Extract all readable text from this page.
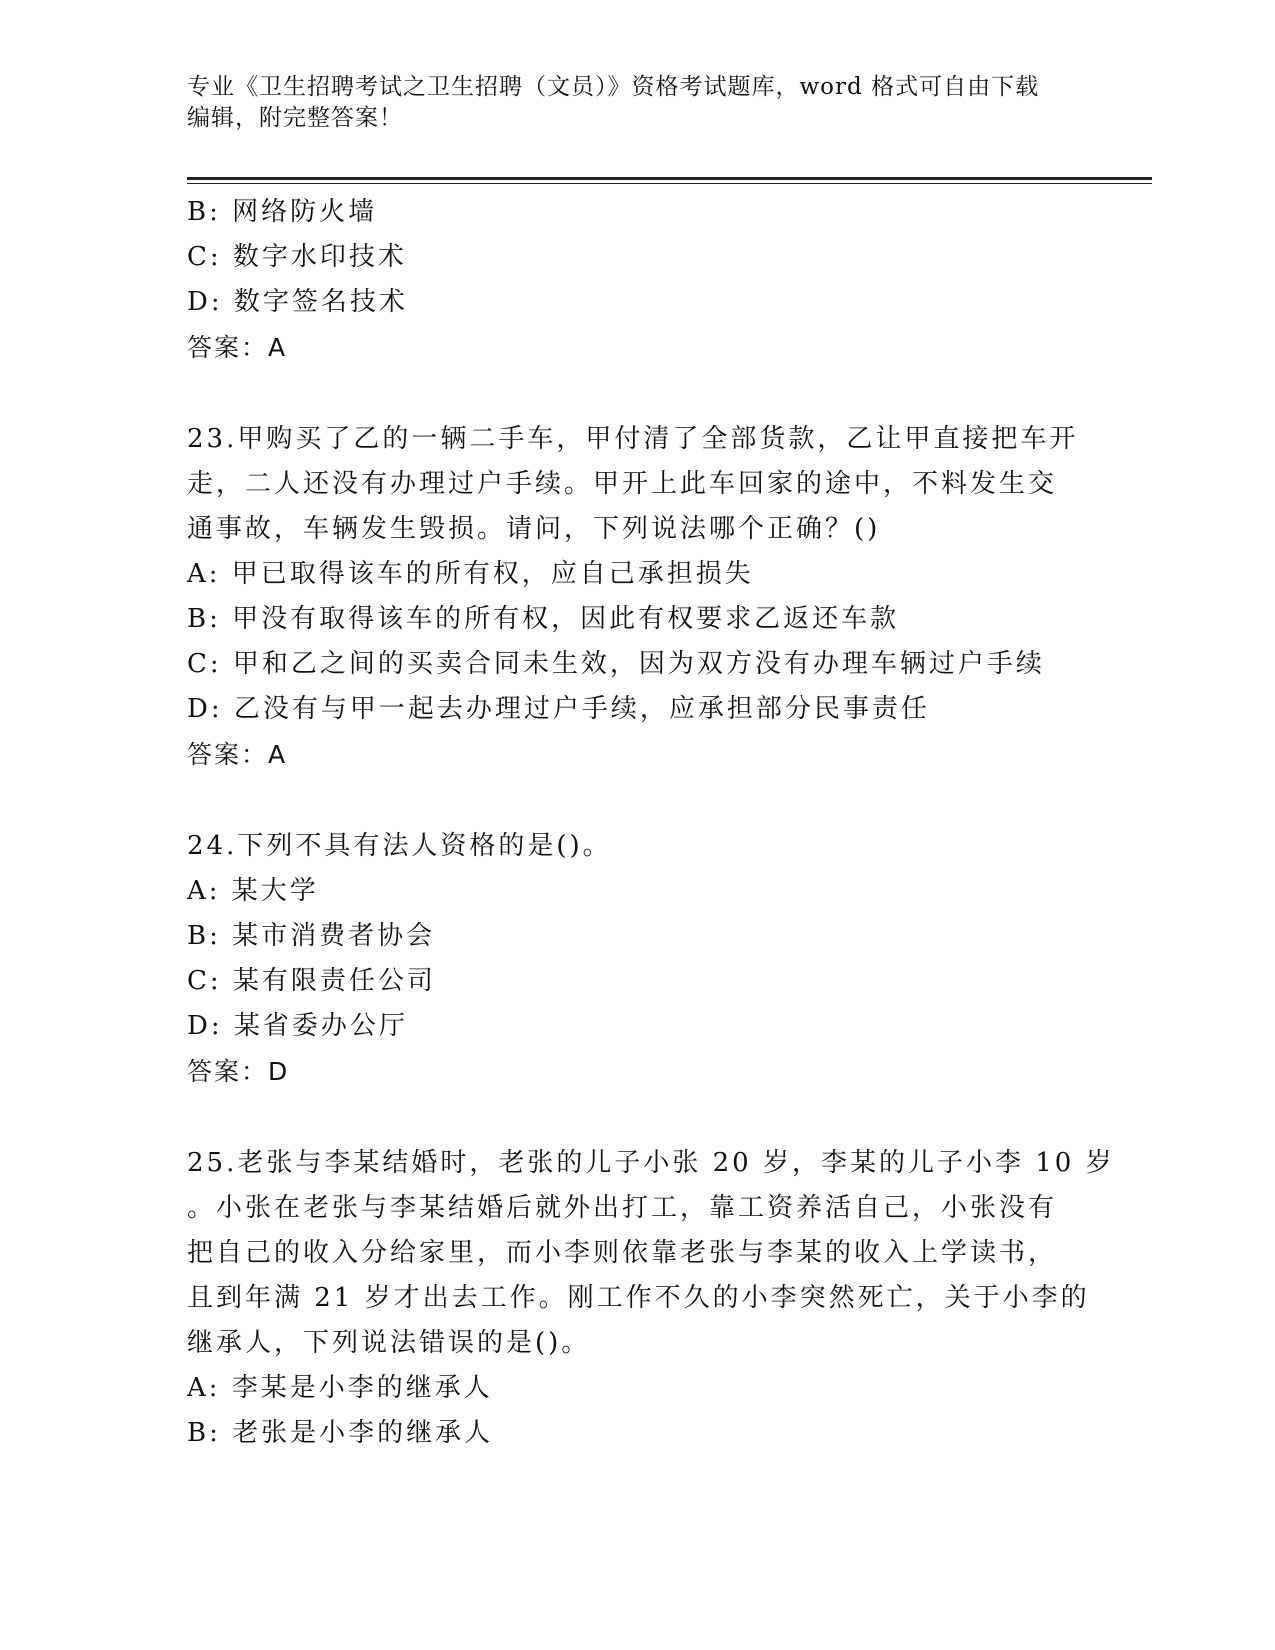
专业《卫生招聘考试之卫生招聘（文员）》资格考试题库，word 格式可自由下载
编辑，附完整答案！
B: 网络防火墙
C: 数字水印技术
D: 数字签名技术
答案：A
23.甲购买了乙的一辆二手车，甲付清了全部货款，乙让甲直接把车开
走，二人还没有办理过户手续。甲开上此车回家的途中，不料发生交
通事故，车辆发生毁损。请问，下列说法哪个正确？()
A: 甲已取得该车的所有权，应自己承担损失
B: 甲没有取得该车的所有权，因此有权要求乙返还车款
C: 甲和乙之间的买卖合同未生效，因为双方没有办理车辆过户手续
D: 乙没有与甲一起去办理过户手续，应承担部分民事责任
答案：A
24.下列不具有法人资格的是()。
A: 某大学
B: 某市消费者协会
C: 某有限责任公司
D: 某省委办公厅
答案：D
25.老张与李某结婚时，老张的儿子小张 20 岁，李某的儿子小李 10 岁
。小张在老张与李某结婚后就外出打工，靠工资养活自己，小张没有
把自己的收入分给家里，而小李则依靠老张与李某的收入上学读书，
且到年满 21 岁才出去工作。刚工作不久的小李突然死亡，关于小李的
继承人，下列说法错误的是()。
A: 李某是小李的继承人
B: 老张是小李的继承人
